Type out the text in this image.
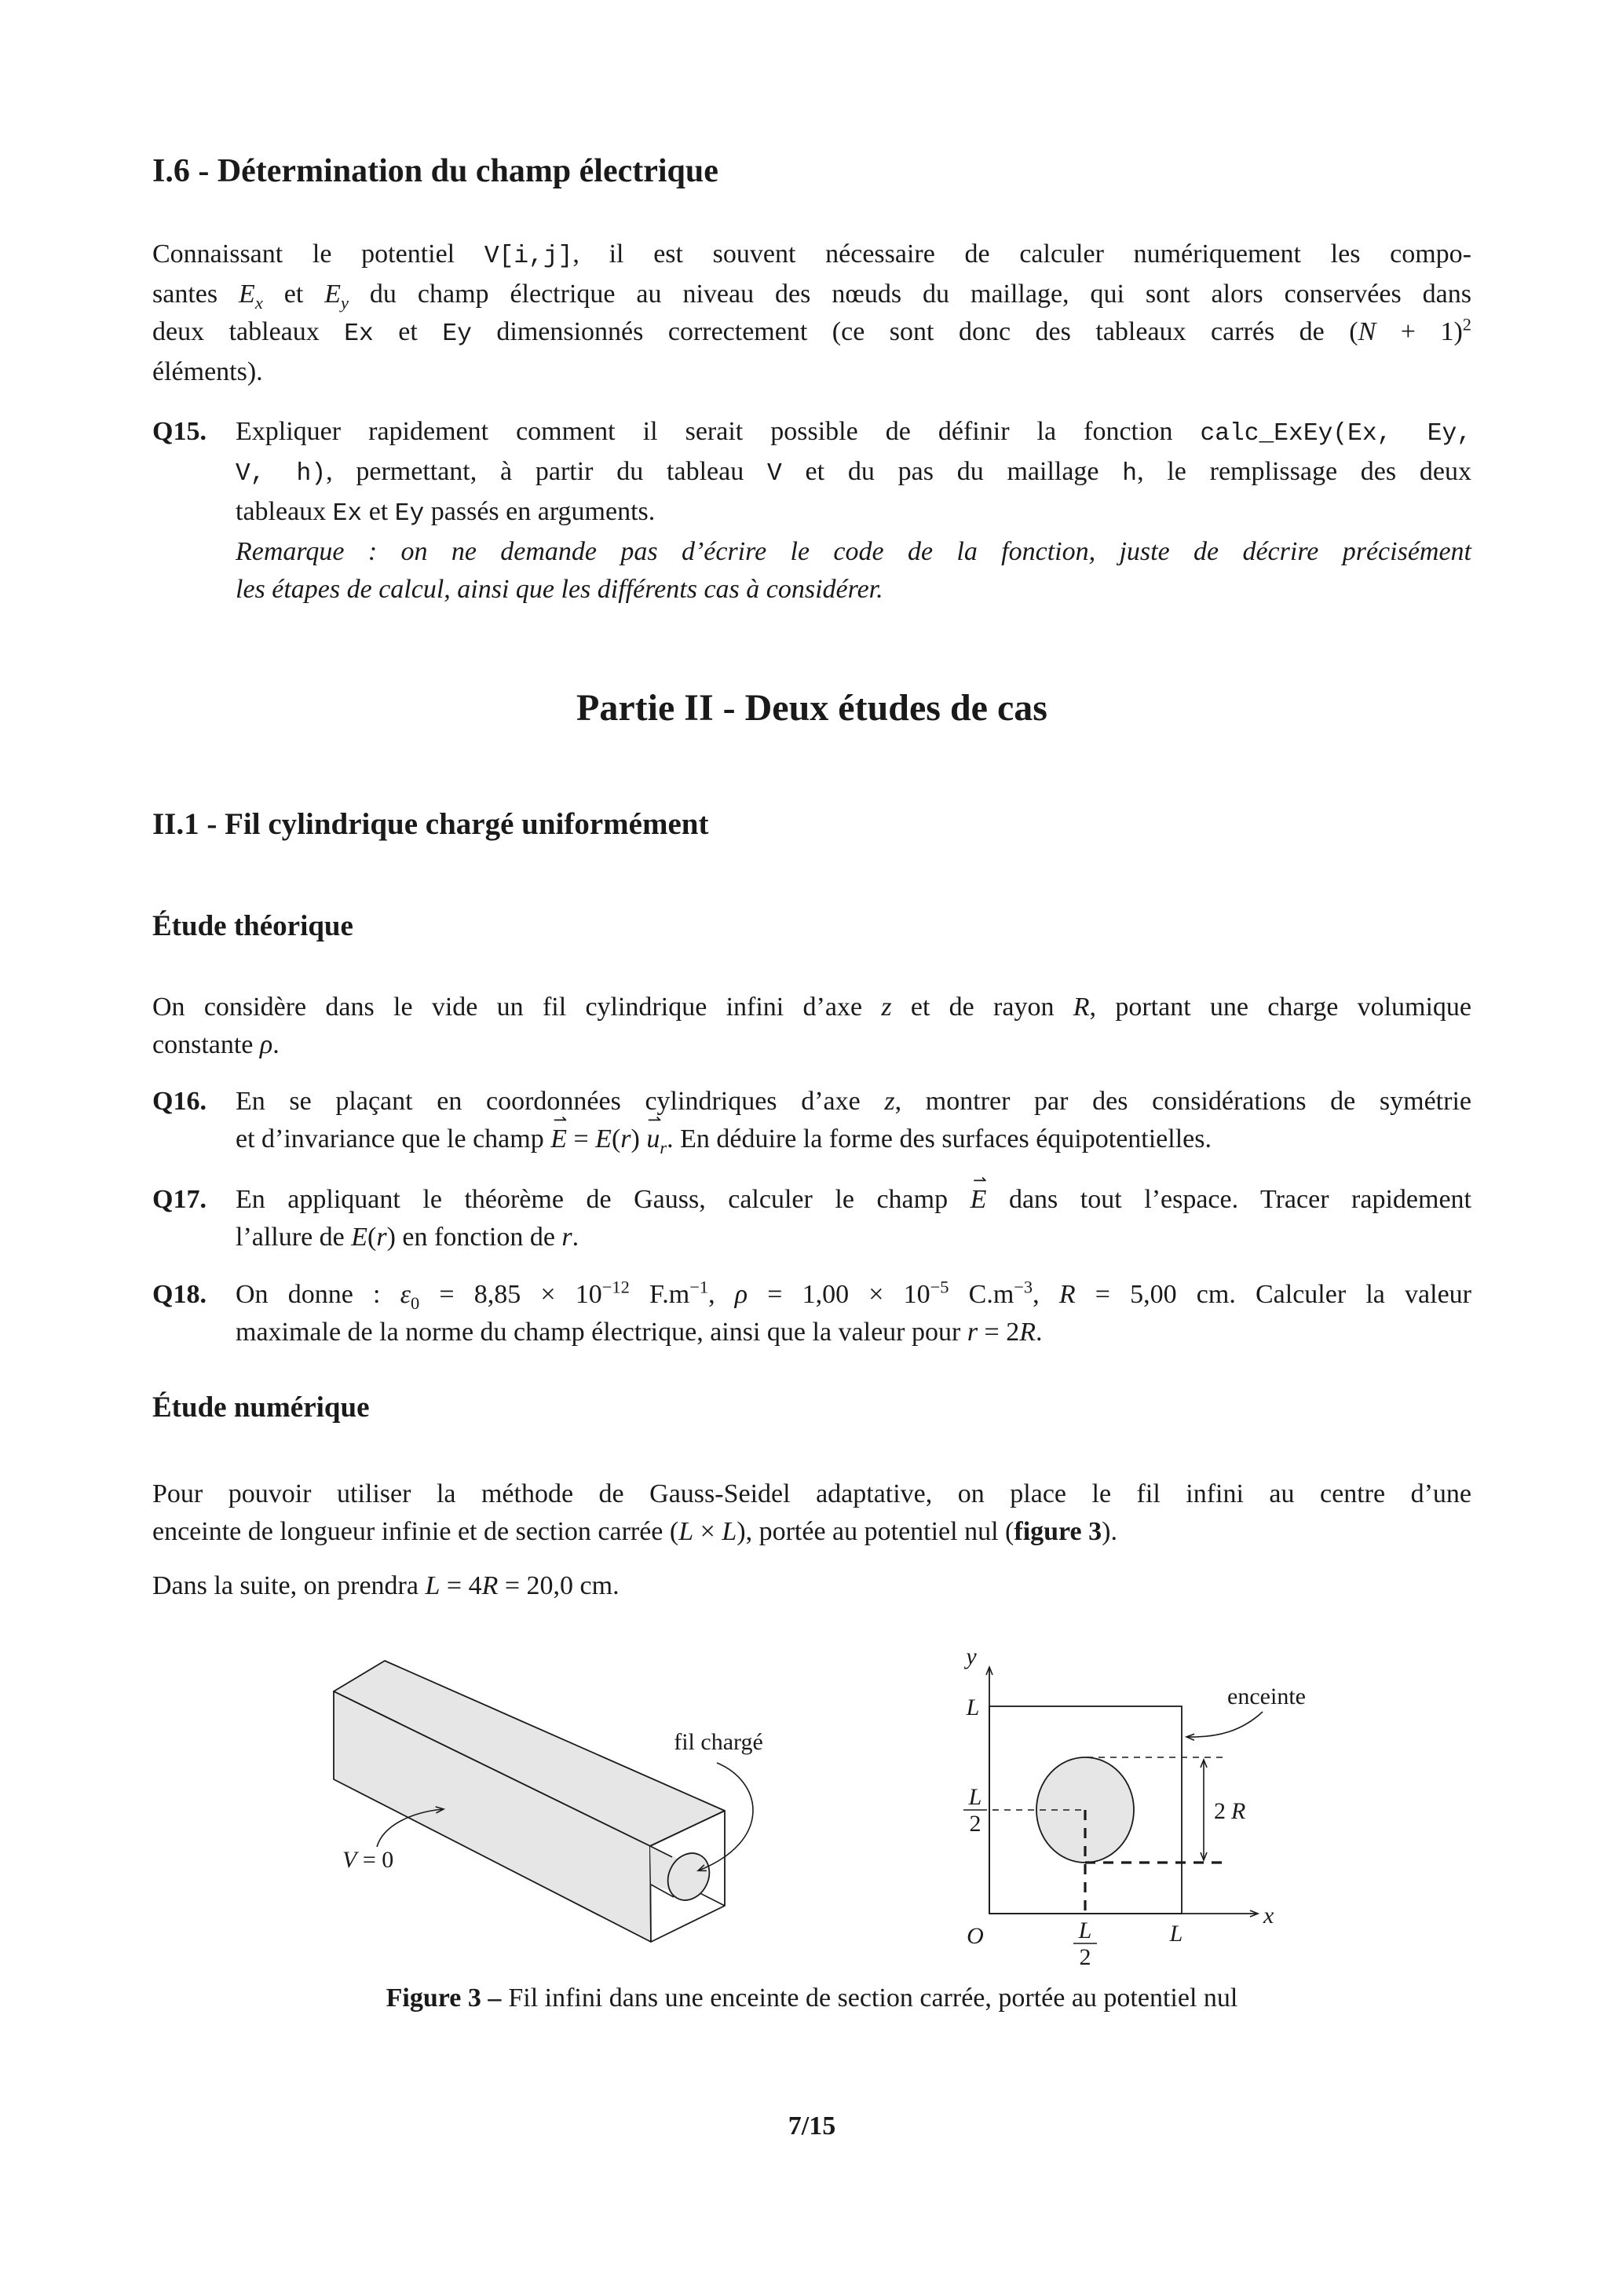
I.6 - Détermination du champ électrique
Connaissant le potentiel V[i,j], il est souvent nécessaire de calculer numériquement les compo-
santes $E_x$ et $E_y$ du champ électrique au niveau des nœuds du maillage, qui sont alors conservées dans
deux tableaux Ex et Ey dimensionnés correctement (ce sont donc des tableaux carrés de $(N + 1)^2$
éléments).
Q15. Expliquer rapidement comment il serait possible de définir la fonction calc_ExEy(Ex, Ey,
V, h), permettant, à partir du tableau V et du pas du maillage h, le remplissage des deux
tableaux Ex et Ey passés en arguments.
Remarque : on ne demande pas d’écrire le code de la fonction, juste de décrire précisément
les étapes de calcul, ainsi que les différents cas à considérer.
Partie II - Deux études de cas
II.1 - Fil cylindrique chargé uniformément
Étude théorique
On considère dans le vide un fil cylindrique infini d’axe z et de rayon R, portant une charge volumique
constante ρ.
Q16. En se plaçant en coordonnées cylindriques d’axe z, montrer par des considérations de symétrie
et d’invariance que le champ E ⇀ = E(r) u $⇀_r$. En déduire la forme des surfaces équipotentielles.
Q17. En appliquant le théorème de Gauss, calculer le champ E ⇀ dans tout l’espace. Tracer rapidement
l’allure de E(r) en fonction de r.
Q18. On donne : $\varepsilon_0 = 8,85 \times 10^{-12}$ $F.m^{-1}$, $\rho = 1,00 \times 10^{-5}$ $C.m^{-3}$, R = 5,00 cm. Calculer la valeur
maximale de la norme du champ électrique, ainsi que la valeur pour r = 2R.
Étude numérique
Pour pouvoir utiliser la méthode de Gauss-Seidel adaptative, on place le fil infini au centre d’une
enceinte de longueur infinie et de section carrée (L × L), portée au potentiel nul (figure 3).
Dans la suite, on prendra L = 4R = 20,0 cm.
fil chargé
V = 0
y
L
L
2
O	L
2
L
x
2 R
enceinte
Figure 3 – Fil infini dans une enceinte de section carrée, portée au potentiel nul
7/15
